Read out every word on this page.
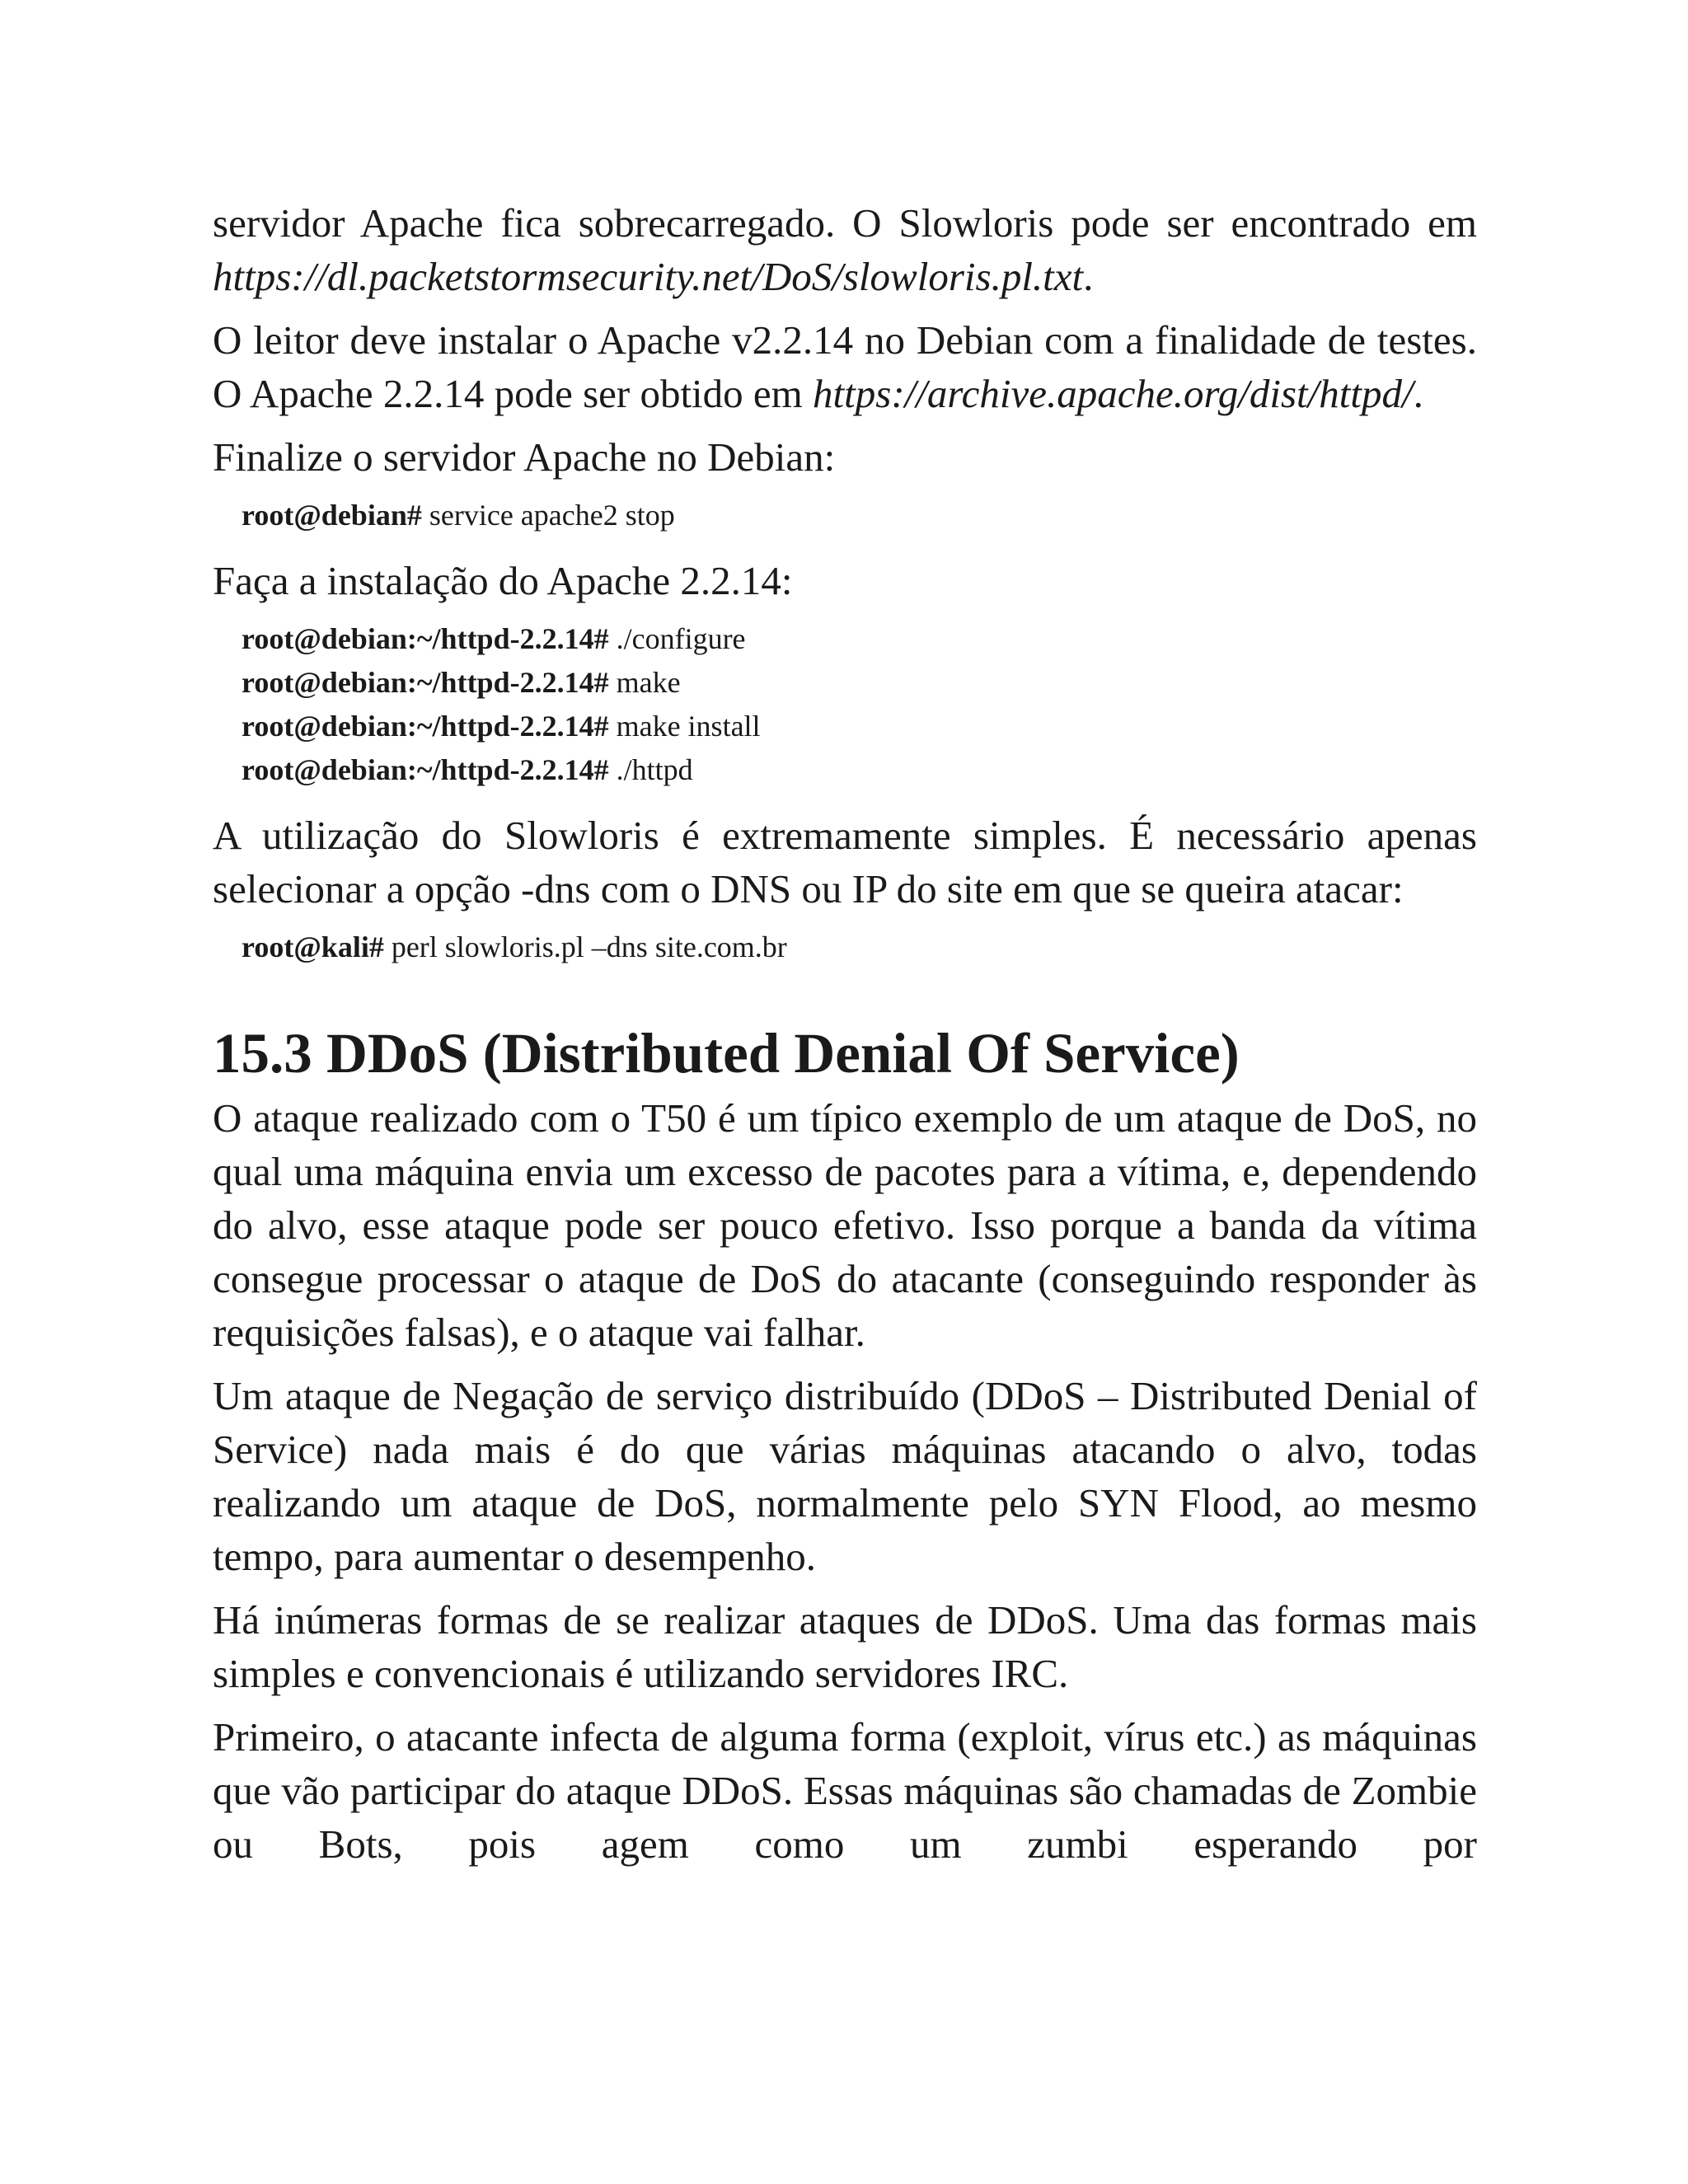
servidor Apache fica sobrecarregado. O Slowloris pode ser encontrado em https://dl.packetstormsecurity.net/DoS/slowloris.pl.txt.

O leitor deve instalar o Apache v2.2.14 no Debian com a finalidade de testes. O Apache 2.2.14 pode ser obtido em https://archive.apache.org/dist/httpd/.

Finalize o servidor Apache no Debian:

root@debian# service apache2 stop

Faça a instalação do Apache 2.2.14:

root@debian:~/httpd-2.2.14# ./configure
root@debian:~/httpd-2.2.14# make
root@debian:~/httpd-2.2.14# make install
root@debian:~/httpd-2.2.14# ./httpd

A utilização do Slowloris é extremamente simples. É necessário apenas selecionar a opção -dns com o DNS ou IP do site em que se queira atacar:

root@kali# perl slowloris.pl –dns site.com.br
15.3 DDoS (Distributed Denial Of Service)

O ataque realizado com o T50 é um típico exemplo de um ataque de DoS, no qual uma máquina envia um excesso de pacotes para a vítima, e, dependendo do alvo, esse ataque pode ser pouco efetivo. Isso porque a banda da vítima consegue processar o ataque de DoS do atacante (conseguindo responder às requisições falsas), e o ataque vai falhar.

Um ataque de Negação de serviço distribuído (DDoS – Distributed Denial of Service) nada mais é do que várias máquinas atacando o alvo, todas realizando um ataque de DoS, normalmente pelo SYN Flood, ao mesmo tempo, para aumentar o desempenho.

Há inúmeras formas de se realizar ataques de DDoS. Uma das formas mais simples e convencionais é utilizando servidores IRC.

Primeiro, o atacante infecta de alguma forma (exploit, vírus etc.) as máquinas que vão participar do ataque DDoS. Essas máquinas são chamadas de Zombie ou Bots, pois agem como um zumbi esperando por
